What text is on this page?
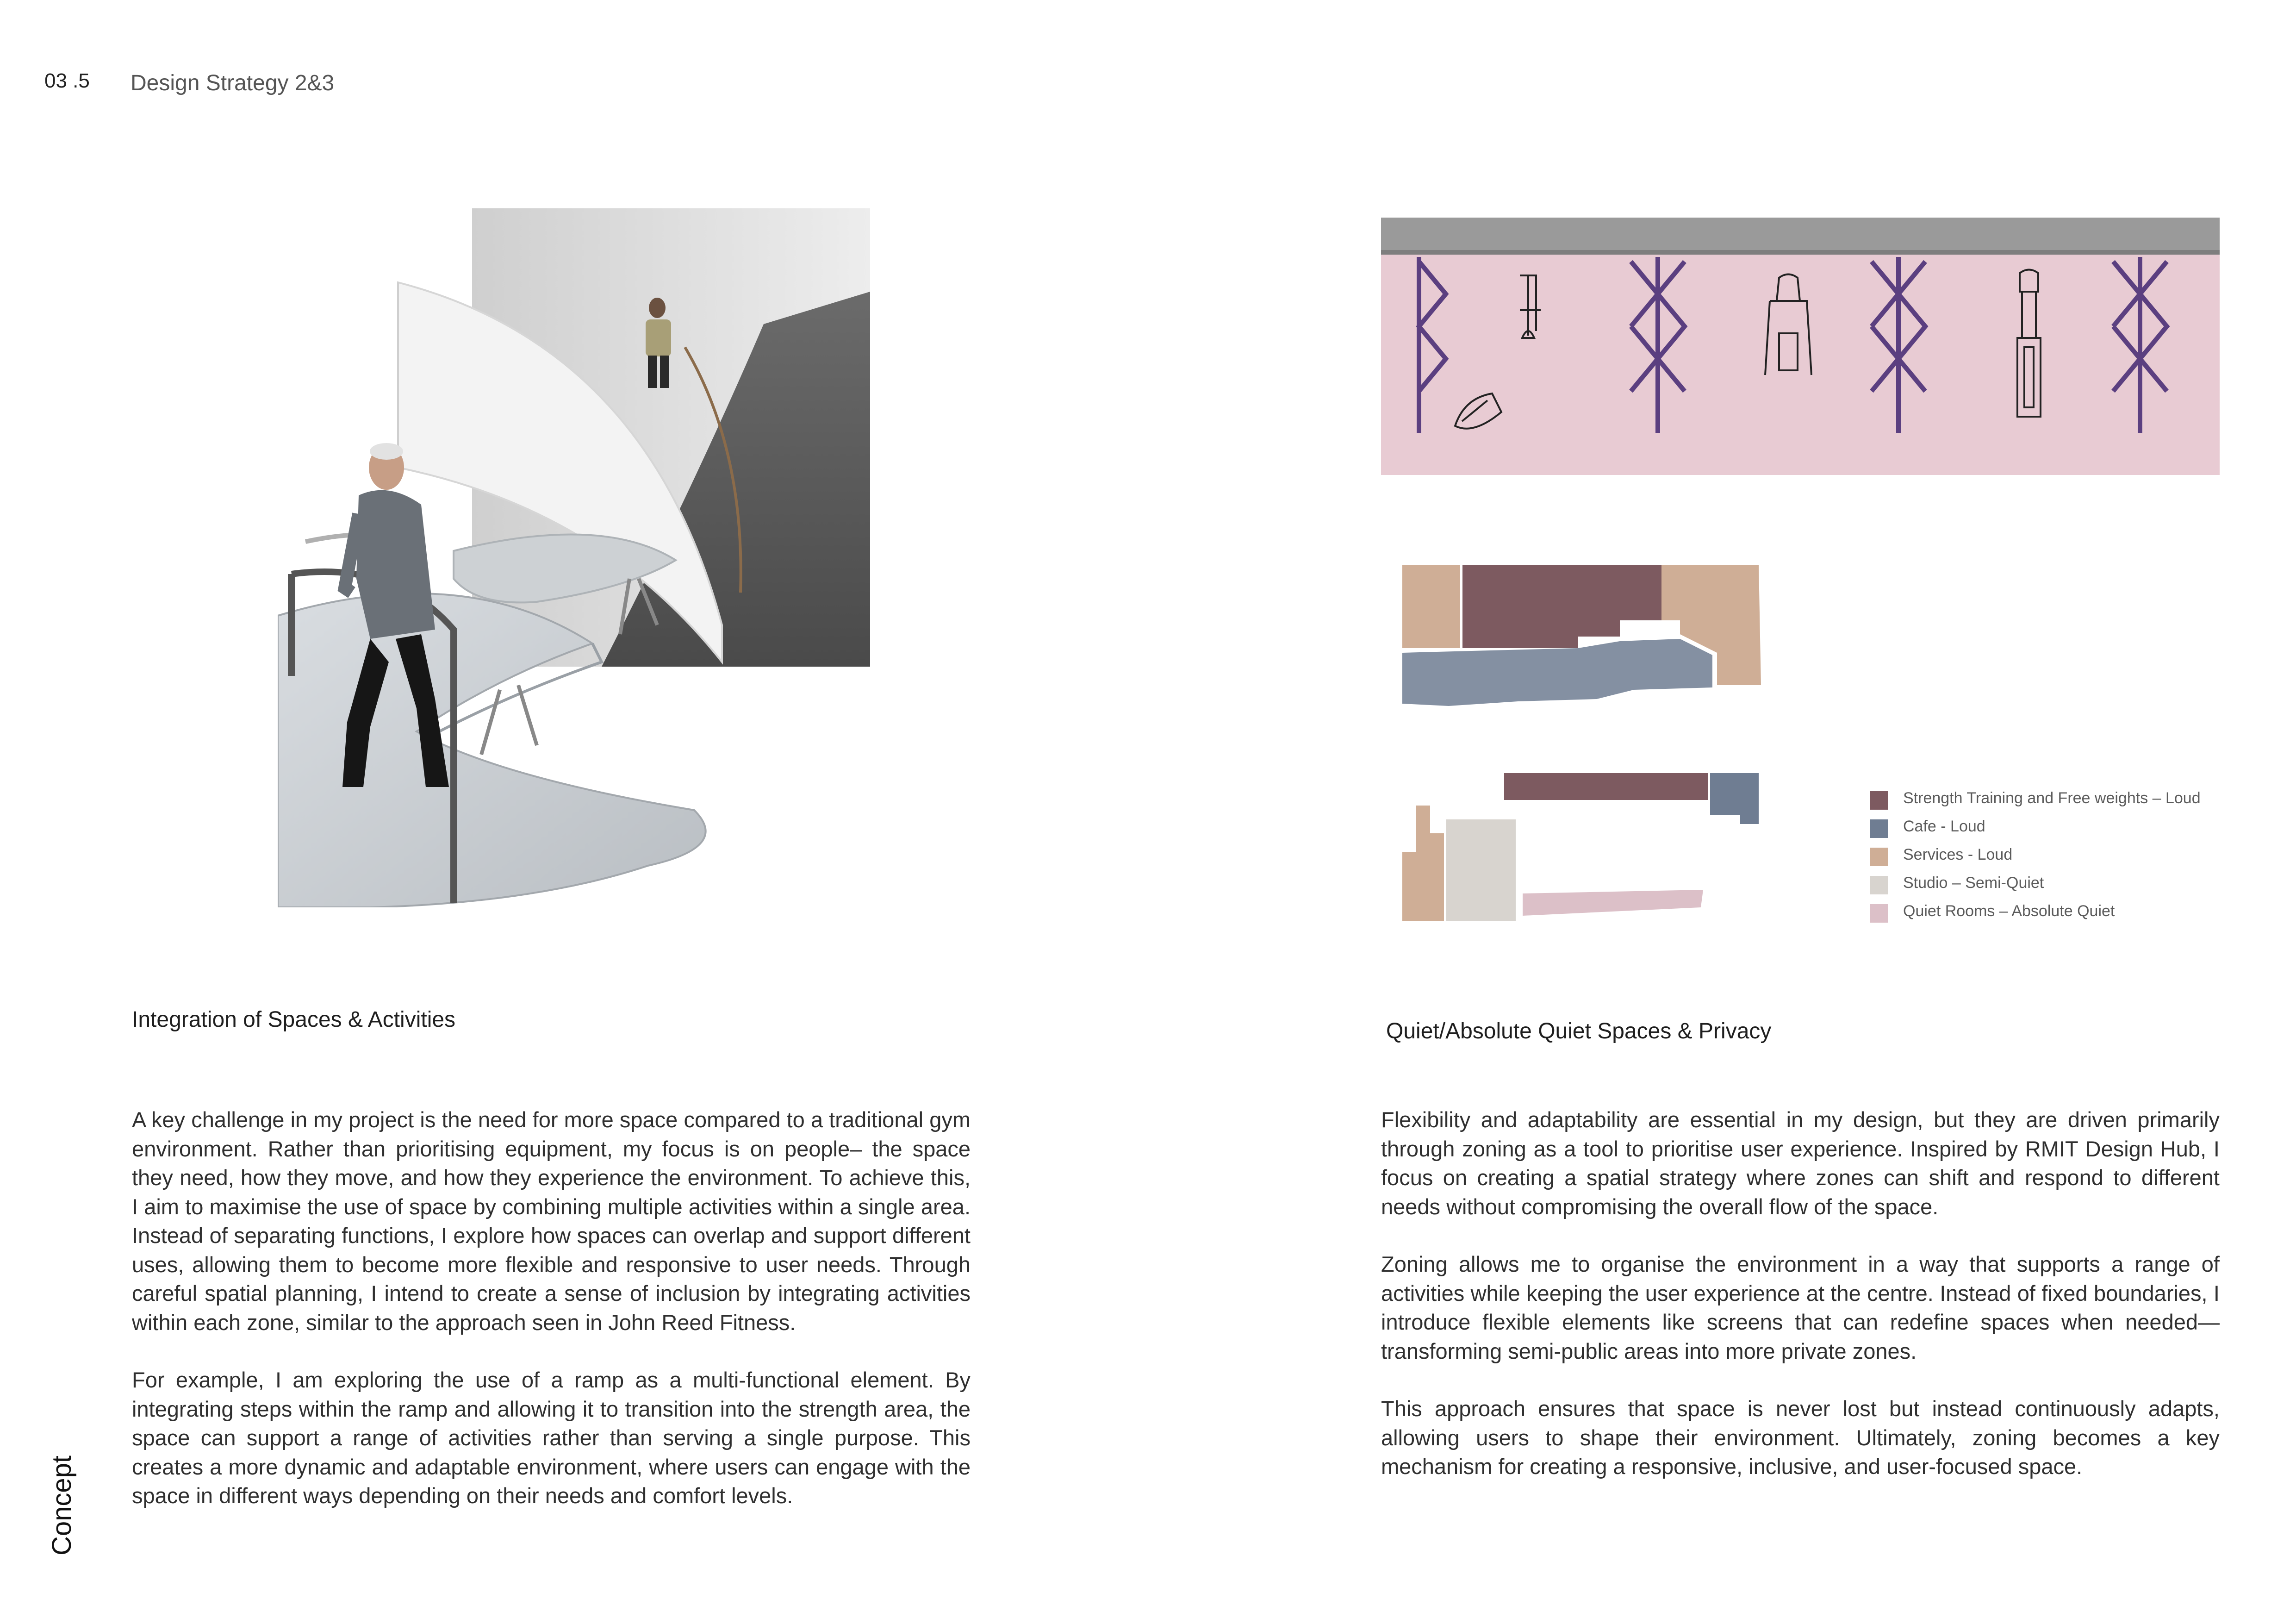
03 .5 Design Strategy 2&3
Strength Training and Free weights – Loud
Cafe - Loud
Services - Loud
Studio – Semi-Quiet
Quiet Rooms – Absolute Quiet
Integration of Spaces & Activities	Quiet/Absolute Quiet Spaces & Privacy

A key challenge in my project is the need for more space compared to a traditional gym environment. Rather than prioritising equipment, my focus is on people– the space they need, how they move, and how they experience the environment. To achieve this, I aim to maximise the use of space by combining multiple activities within a single area. Instead of separating functions, I explore how spaces can overlap and support different uses, allowing them to become more flexible and responsive to user needs. Through careful spatial planning, I intend to create a sense of inclusion by integrating activities within each zone, similar to the approach seen in John Reed Fitness.

For example, I am exploring the use of a ramp as a multi-functional element. By integrating steps within the ramp and allowing it to transition into the strength area, the space can support a range of activities rather than serving a single purpose. This creates a more dynamic and adaptable environment, where users can engage with the space in different ways depending on their needs and comfort levels.

Flexibility and adaptability are essential in my design, but they are driven primarily through zoning as a tool to prioritise user experience. Inspired by RMIT Design Hub, I focus on creating a spatial strategy where zones can shift and respond to different needs without compromising the overall flow of the space.

Zoning allows me to organise the environment in a way that supports a range of activities while keeping the user experience at the centre. Instead of fixed boundaries, I introduce flexible elements like screens that can redefine spaces when needed—transforming semi-public areas into more private zones.

This approach ensures that space is never lost but instead continuously adapts, allowing users to shape their environment. Ultimately, zoning becomes a key mechanism for creating a responsive, inclusive, and user-focused space.

Concept
